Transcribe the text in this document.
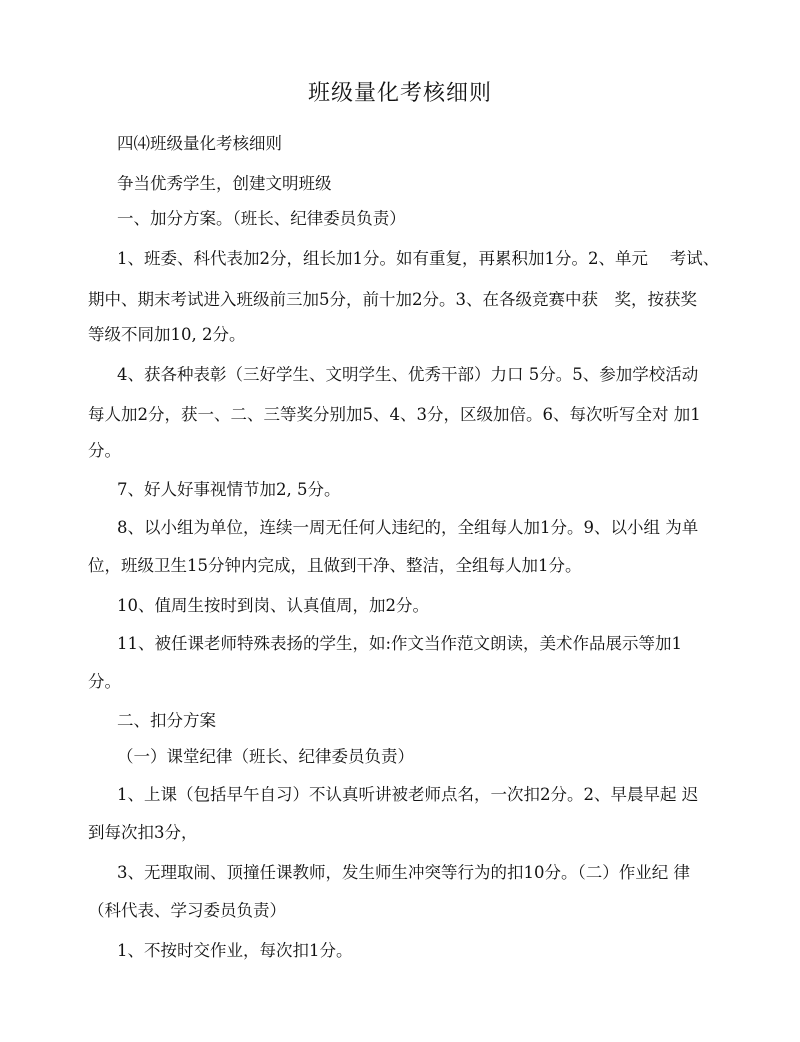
班级量化考核细则
四⑷班级量化考核细则
争当优秀学生，创建文明班级
一、加分方案。（班长、纪律委员负责）
1、班委、科代表加2分，组长加1分。如有重复，再累积加1分。2、单元　 考试、
期中、期末考试进入班级前三加5分，前十加2分。3、在各级竞赛中获　奖，按获奖
等级不同加10, 2分。
4、获各种表彰（三好学生、文明学生、优秀干部）力口 5分。5、参加学校活动
每人加2分，获一、二、三等奖分别加5、4、3分，区级加倍。6、每次听写全对 加1
分。
7、好人好事视情节加2, 5分。
8、以小组为单位，连续一周无任何人违纪的，全组每人加1分。9、以小组 为单
位，班级卫生15分钟内完成，且做到干净、整洁，全组每人加1分。
10、值周生按时到岗、认真值周，加2分。
11、被任课老师特殊表扬的学生，如:作文当作范文朗读，美术作品展示等加1
分。
二、扣分方案
（一）课堂纪律（班长、纪律委员负责）
1、上课（包括早午自习）不认真听讲被老师点名，一次扣2分。2、早晨早起 迟
到每次扣3分，
3、无理取闹、顶撞任课教师，发生师生冲突等行为的扣10分。（二）作业纪 律
（科代表、学习委员负责）
1、不按时交作业，每次扣1分。
